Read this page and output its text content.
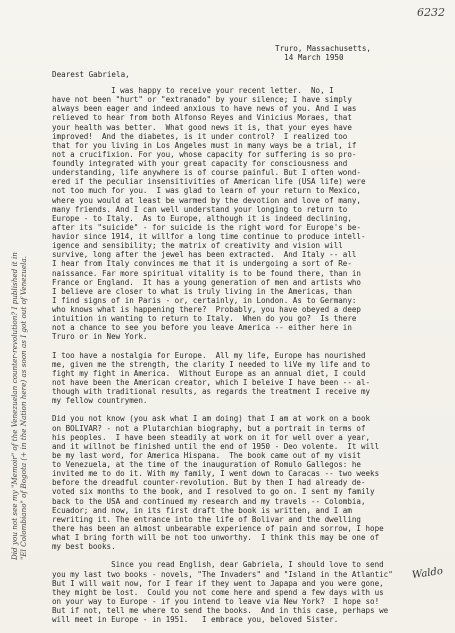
6232
Truro, Massachusetts,
14 March 1950
Dearest Gabriela,
I was happy to receive your recent letter.  No, I
have not been "hurt" or "extranado" by your silence; I have simply
always been eager and indeed anxious to have news of you. And I was
relieved to hear from both Alfonso Reyes and Vinicius Moraes, that
your health was better.  What good news it is, that your eyes have
improved!  And the diabetes, is it under control?  I realized too
that for you living in Los Angeles must in many ways be a trial, if
not a crucifixion. For you, whose capacity for suffering is so pro-
foundly integrated with your great capacity for consciousness and
understanding, life anywhere is of course painful. But I often wond-
ered if the peculiar insensitivities of American life (USA life) were
not too much for you.  I was glad to learn of your return to Mexico,
where you would at least be warmed by the devotion and love of many,
many friends. And I can well understand your longing to return to
Europe - to Italy.  As to Europe, although it is indeed declining,
after its "suicide" - for suicide is the right word for Europe's be-
havior since 1914, it willfor a long time continue to produce intell-
igence and sensibility; the matrix of creativity and vision will
survive, long after the jewel has been extracted.  And Italy -- all
I hear from Italy convinces me that it is undergoing a sort of Re-
naissance. Far more spiritual vitality is to be found there, than in
France or England.  It has a young generation of men and artists who
I believe are closer to what is truly living in the Americas, than
I find signs of in Paris - or, certainly, in London. As to Germany:
who knows what is happening there?  Probably, you have obeyed a deep
intuition in wanting to return to Italy.  When do you go?  Is there
not a chance to see you before you leave America -- either here in
Truro or in New York.
I too have a nostalgia for Europe.  All my life, Europe has nourished
me, given me the strength, the clarity I needed to liVe my life and to
fight my fight in America.  Without Europe as an annual diet, I could
not have been the American creator, which I beleive I have been -- al-
though with traditional results, as regards the treatment I receive my
my fellow countrymen.
Did you not know (you ask what I am doing) that I am at work on a book
on BOLIVAR? - not a Plutarchian biography, but a portrait in terms of
his peoples.  I have been steadily at work on it for well over a year,
and it willnot be finished until the end of 1950 - Deo volente.  It will
be my last word, for America Hispana.  The book came out of my visit
to Venezuela, at the time of the inauguration of Romulo Gallegos: he
invited me to do it. With my family, I went down to Caracas -- two weeks
before the dreadful counter-revolution. But by then I had already de-
voted six months to the book, and I resolved to go on. I sent my family
back to the USA and continued my research and my travels -- Colombia,
Ecuador; and now, in its first draft the book is written, and I am
rewriting it. The entrance into the life of Bolivar and the dwelling
there has been an almost unbearable experience of pain and sorrow, I hope
what I bring forth will be not too unworthy.  I think this may be one of
my best books.
Since you read English, dear Gabriela, I should love to send
you my last two books - novels, "The Invaders" and "Island in the Atlantic"
But I will wait now, for I fear if they went to Japapa and you were gone,
they might be lost.  Could you not come here and spend a few days with us
on your way to Europe - if you intend to leave via New York?  I hope so!
But if not, tell me where to send the books.  And in this case, perhaps we
will meet in Europe - in 1951.   I embrace you, beloved Sister.
Waldo
Did you not see my "Memoir" of the Venezuelan counter-revolution? I published it in "El Colombiano" of Bogota (+ in the Nation here) as soon as I got out of Venezuela.
